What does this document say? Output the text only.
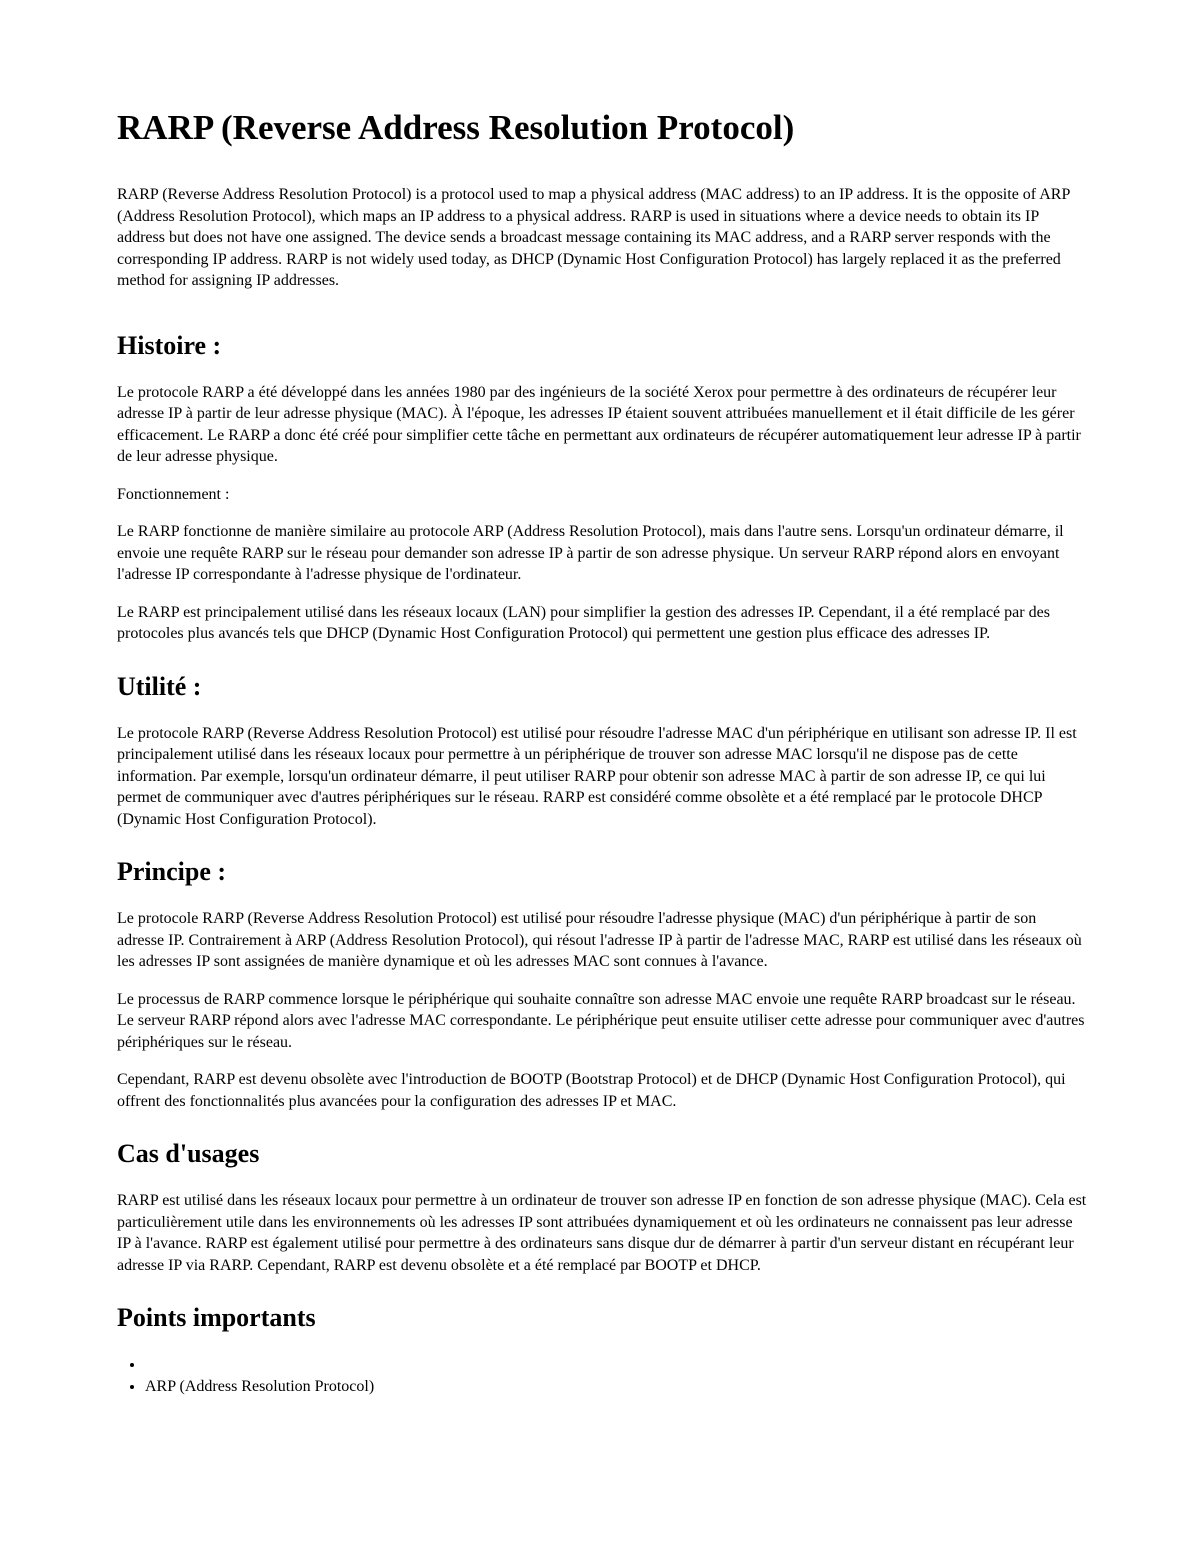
RARP (Reverse Address Resolution Protocol)

RARP (Reverse Address Resolution Protocol) is a protocol used to map a physical address (MAC address) to an IP address. It is the opposite of ARP (Address Resolution Protocol), which maps an IP address to a physical address. RARP is used in situations where a device needs to obtain its IP address but does not have one assigned. The device sends a broadcast message containing its MAC address, and a RARP server responds with the corresponding IP address. RARP is not widely used today, as DHCP (Dynamic Host Configuration Protocol) has largely replaced it as the preferred method for assigning IP addresses.

Histoire :

Le protocole RARP a été développé dans les années 1980 par des ingénieurs de la société Xerox pour permettre à des ordinateurs de récupérer leur adresse IP à partir de leur adresse physique (MAC). À l'époque, les adresses IP étaient souvent attribuées manuellement et il était difficile de les gérer efficacement. Le RARP a donc été créé pour simplifier cette tâche en permettant aux ordinateurs de récupérer automatiquement leur adresse IP à partir de leur adresse physique.

Fonctionnement :

Le RARP fonctionne de manière similaire au protocole ARP (Address Resolution Protocol), mais dans l'autre sens. Lorsqu'un ordinateur démarre, il envoie une requête RARP sur le réseau pour demander son adresse IP à partir de son adresse physique. Un serveur RARP répond alors en envoyant l'adresse IP correspondante à l'adresse physique de l'ordinateur.

Le RARP est principalement utilisé dans les réseaux locaux (LAN) pour simplifier la gestion des adresses IP. Cependant, il a été remplacé par des protocoles plus avancés tels que DHCP (Dynamic Host Configuration Protocol) qui permettent une gestion plus efficace des adresses IP.

Utilité :

Le protocole RARP (Reverse Address Resolution Protocol) est utilisé pour résoudre l'adresse MAC d'un périphérique en utilisant son adresse IP. Il est principalement utilisé dans les réseaux locaux pour permettre à un périphérique de trouver son adresse MAC lorsqu'il ne dispose pas de cette information. Par exemple, lorsqu'un ordinateur démarre, il peut utiliser RARP pour obtenir son adresse MAC à partir de son adresse IP, ce qui lui permet de communiquer avec d'autres périphériques sur le réseau. RARP est considéré comme obsolète et a été remplacé par le protocole DHCP (Dynamic Host Configuration Protocol).

Principe :

Le protocole RARP (Reverse Address Resolution Protocol) est utilisé pour résoudre l'adresse physique (MAC) d'un périphérique à partir de son adresse IP. Contrairement à ARP (Address Resolution Protocol), qui résout l'adresse IP à partir de l'adresse MAC, RARP est utilisé dans les réseaux où les adresses IP sont assignées de manière dynamique et où les adresses MAC sont connues à l'avance.

Le processus de RARP commence lorsque le périphérique qui souhaite connaître son adresse MAC envoie une requête RARP broadcast sur le réseau. Le serveur RARP répond alors avec l'adresse MAC correspondante. Le périphérique peut ensuite utiliser cette adresse pour communiquer avec d'autres périphériques sur le réseau.

Cependant, RARP est devenu obsolète avec l'introduction de BOOTP (Bootstrap Protocol) et de DHCP (Dynamic Host Configuration Protocol), qui offrent des fonctionnalités plus avancées pour la configuration des adresses IP et MAC.

Cas d'usages

RARP est utilisé dans les réseaux locaux pour permettre à un ordinateur de trouver son adresse IP en fonction de son adresse physique (MAC). Cela est particulièrement utile dans les environnements où les adresses IP sont attribuées dynamiquement et où les ordinateurs ne connaissent pas leur adresse IP à l'avance. RARP est également utilisé pour permettre à des ordinateurs sans disque dur de démarrer à partir d'un serveur distant en récupérant leur adresse IP via RARP. Cependant, RARP est devenu obsolète et a été remplacé par BOOTP et DHCP.

Points importants
•
• ARP (Address Resolution Protocol)
